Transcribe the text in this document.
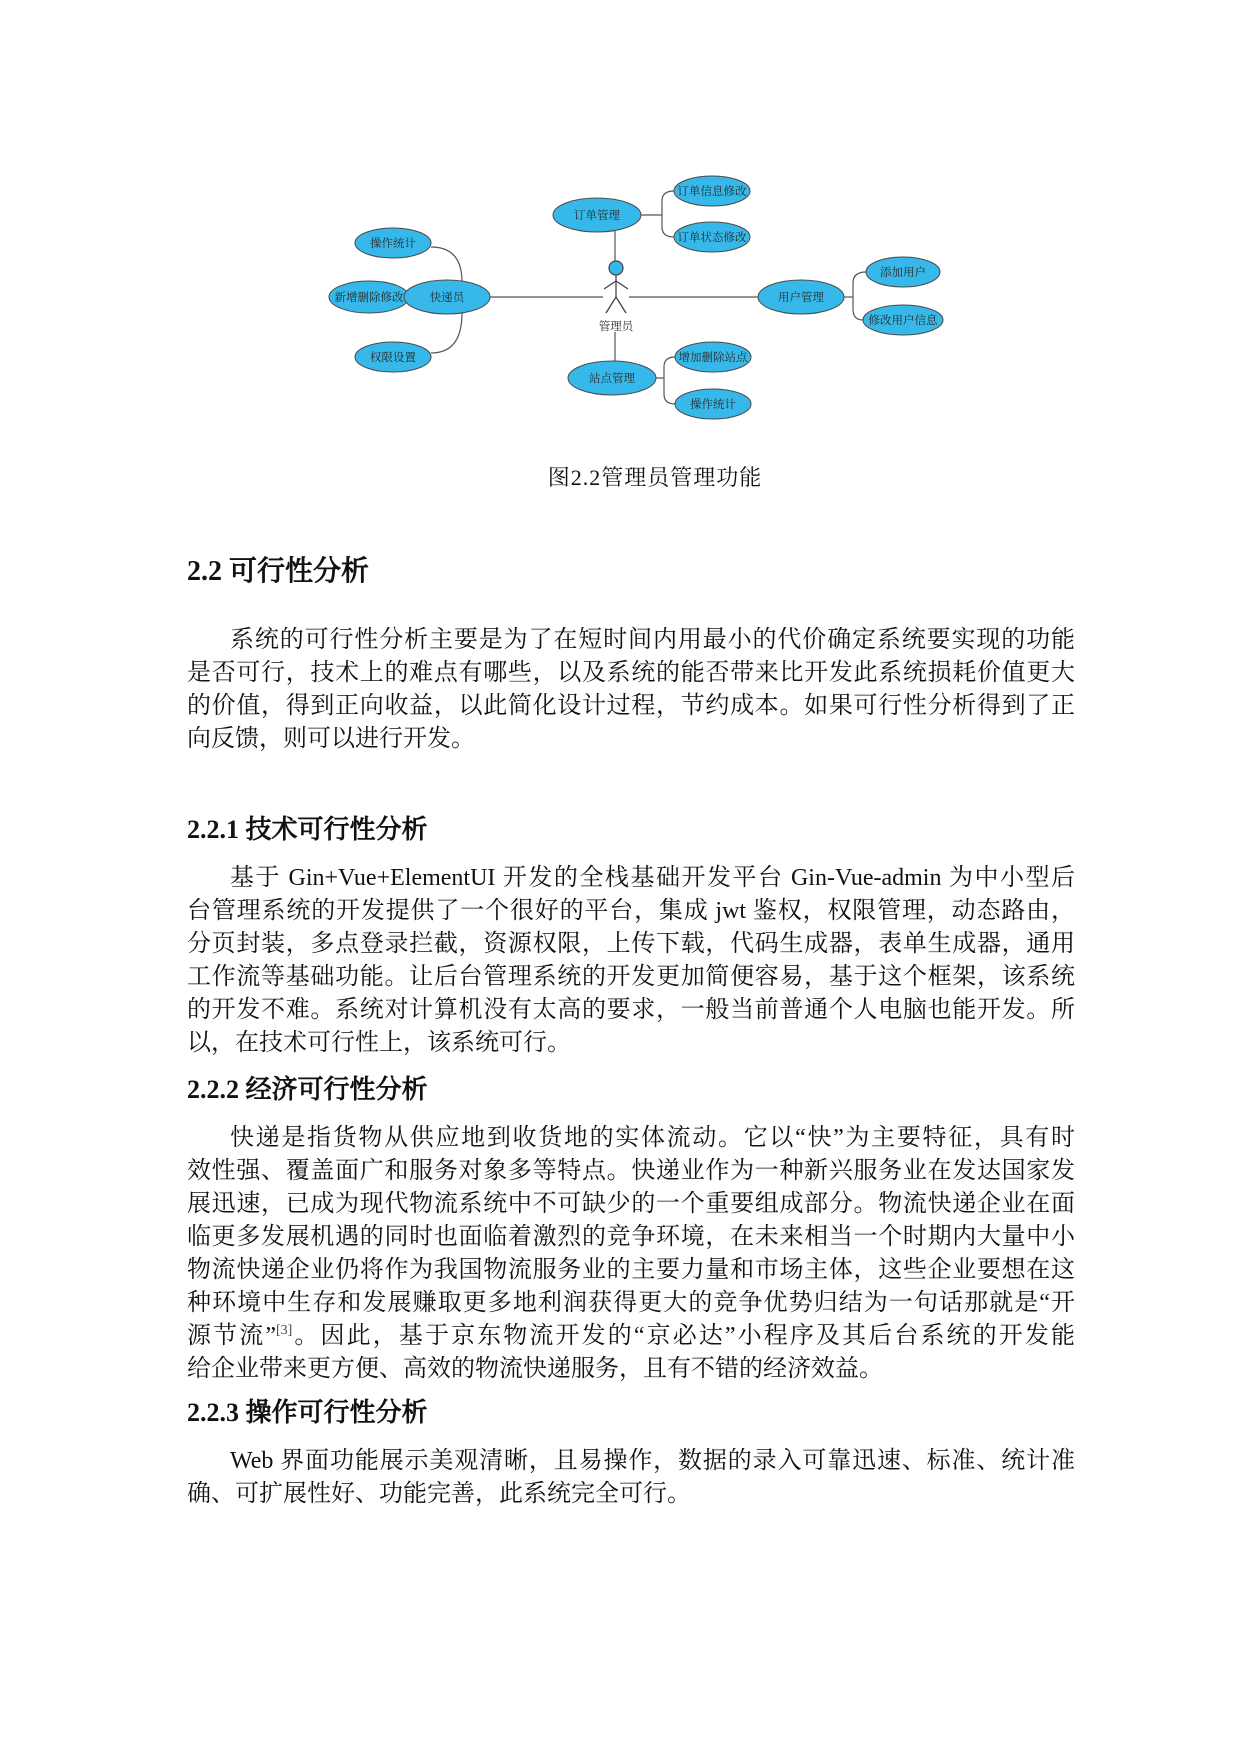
订单管理
订单信息修改
订单状态修改
操作统计
新增删除修改 快递员
权限设置
用户管理
添加用户
修改用户信息
站点管理
增加删除站点
操作统计
管理员
图2.2管理员管理功能
2.2 可行性分析
系统的可行性分析主要是为了在短时间内用最小的代价确定系统要实现的功能
是否可行，技术上的难点有哪些，以及系统的能否带来比开发此系统损耗价值更大
的价值，得到正向收益，以此简化设计过程，节约成本。如果可行性分析得到了正
向反馈，则可以进行开发。
2.2.1 技术可行性分析
基于 Gin+Vue+ElementUI 开发的全栈基础开发平台 Gin-Vue-admin 为中小型后
台管理系统的开发提供了一个很好的平台，集成 jwt 鉴权，权限管理，动态路由，
分页封装，多点登录拦截，资源权限，上传下载，代码生成器，表单生成器，通用
工作流等基础功能。让后台管理系统的开发更加简便容易，基于这个框架，该系统
的开发不难。系统对计算机没有太高的要求，一般当前普通个人电脑也能开发。所
以，在技术可行性上，该系统可行。
2.2.2 经济可行性分析
快递是指货物从供应地到收货地的实体流动。它以“快”为主要特征，具有时
效性强、覆盖面广和服务对象多等特点。快递业作为一种新兴服务业在发达国家发
展迅速，已成为现代物流系统中不可缺少的一个重要组成部分。物流快递企业在面
临更多发展机遇的同时也面临着激烈的竞争环境，在未来相当一个时期内大量中小
物流快递企业仍将作为我国物流服务业的主要力量和市场主体，这些企业要想在这
种环境中生存和发展赚取更多地利润获得更大的竞争优势归结为一句话那就是“开
源节流”[3]。因此，基于京东物流开发的“京必达”小程序及其后台系统的开发能
给企业带来更方便、高效的物流快递服务，且有不错的经济效益。
2.2.3 操作可行性分析
Web 界面功能展示美观清晰，且易操作，数据的录入可靠迅速、标准、统计准
确、可扩展性好、功能完善，此系统完全可行。
